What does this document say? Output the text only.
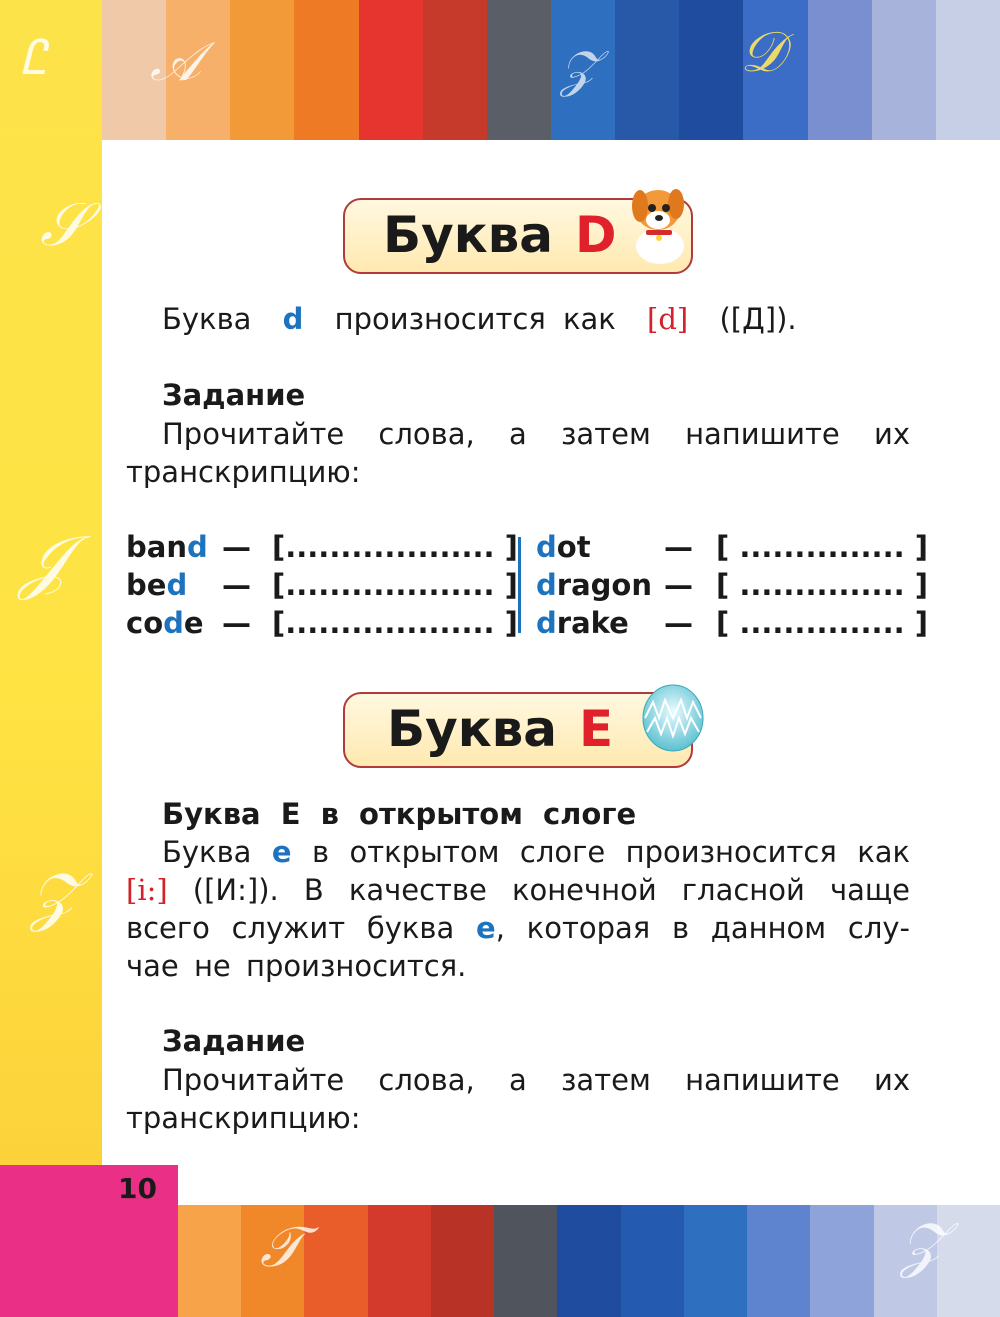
10
Ꮭ
𝒮
𝒥
𝒵
𝒜	𝒵	𝒟
𝒯	𝒵
Буква D
Буква d произносится как [d] ([Д]).
Задание
Прочитайте слова, а затем напишите их
транскрипцию:
band — [................... ]
bed — [................... ]
code — [................... ]
dot	— [ ............... ]
dragon — [ ............... ]
drake — [ ............... ]
Буква E
Буква E в открытом слоге
Буква e в открытом слоге произносится как
[i:] ([И:]). В качестве конечной гласной чаще
всего служит буква e, которая в данном слу-
чае не произносится.
Задание
Прочитайте слова, а затем напишите их
транскрипцию:
